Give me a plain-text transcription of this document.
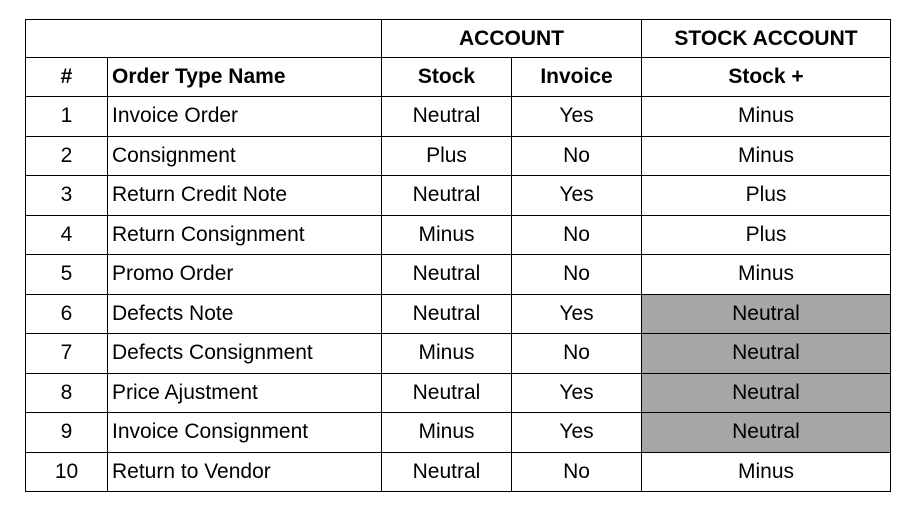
		ACCOUNT		STOCK ACCOUNT
#	Order Type Name	Stock	Invoice	Stock +
1	Invoice Order	Neutral	Yes	Minus
2	Consignment	Plus	No	Minus
3	Return Credit Note	Neutral	Yes	Plus
4	Return Consignment	Minus	No	Plus
5	Promo Order	Neutral	No	Minus
6	Defects Note	Neutral	Yes	Neutral
7	Defects Consignment	Minus	No	Neutral
8	Price Ajustment	Neutral	Yes	Neutral
9	Invoice Consignment	Minus	Yes	Neutral
10	Return to Vendor	Neutral	No	Minus
